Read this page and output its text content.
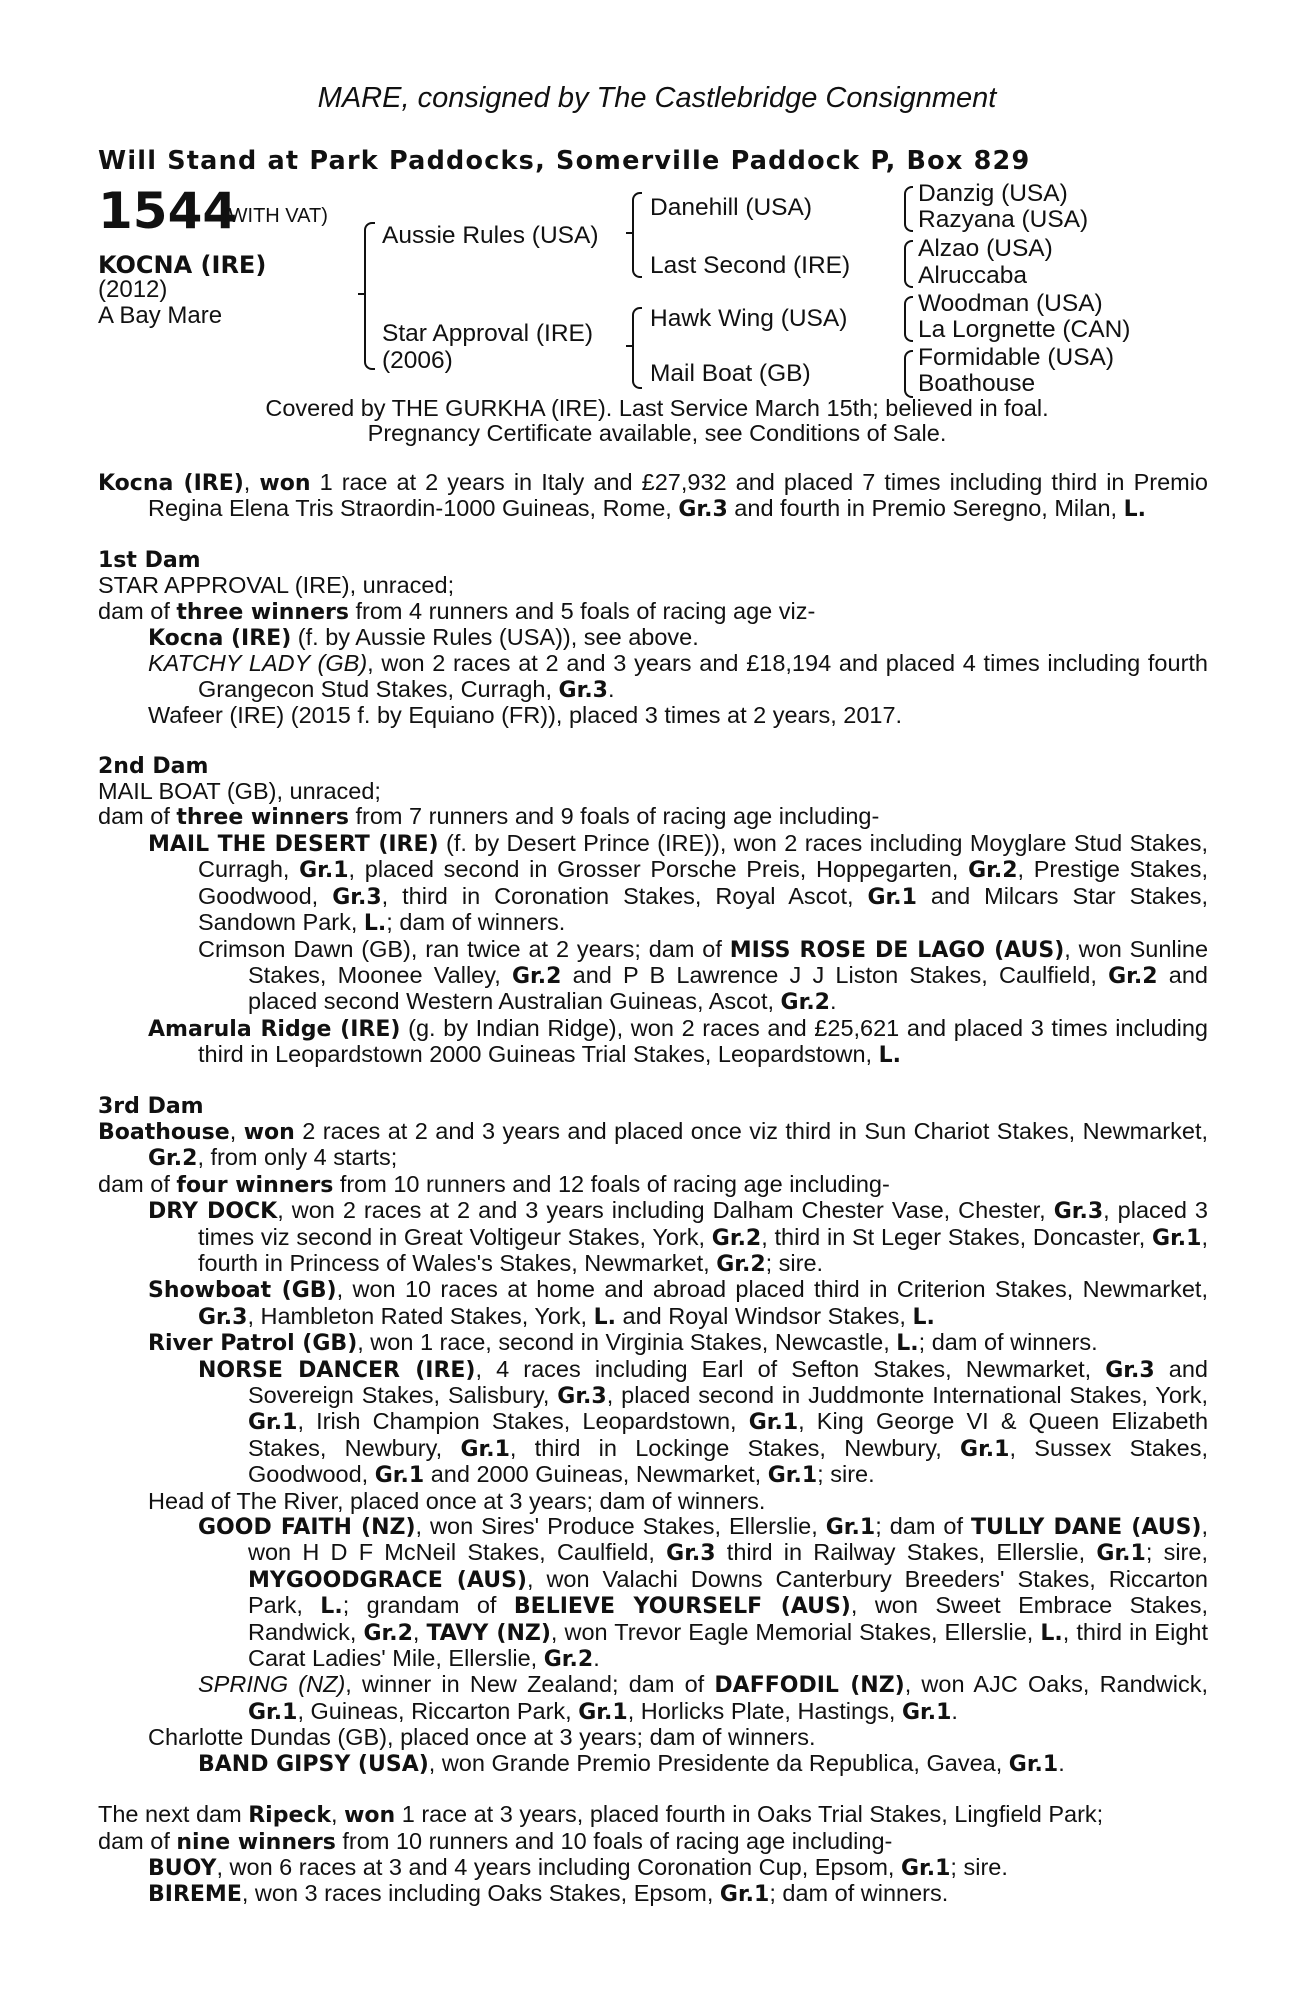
MARE, consigned by The Castlebridge Consignment
Will Stand at Park Paddocks, Somerville Paddock P, Box 829
1544
(WITH VAT)
KOCNA (IRE)
(2012)
A Bay Mare
Aussie Rules (USA)
Star Approval (IRE)
(2006)
Danehill (USA)
Last Second (IRE)
Hawk Wing (USA)
Mail Boat (GB)
Danzig (USA)
Razyana (USA)
Alzao (USA)
Alruccaba
Woodman (USA)
La Lorgnette (CAN)
Formidable (USA)
Boathouse
Covered by THE GURKHA (IRE). Last Service March 15th; believed in foal.
Pregnancy Certificate available, see Conditions of Sale.

Kocna (IRE), won 1 race at 2 years in Italy and £27,932 and placed 7 times including third in Premio Regina Elena Tris Straordin-1000 Guineas, Rome, Gr.3 and fourth in Premio Seregno, Milan, L.

1st Dam

STAR APPROVAL (IRE), unraced;

dam of three winners from 4 runners and 5 foals of racing age viz-

Kocna (IRE) (f. by Aussie Rules (USA)), see above.

KATCHY LADY (GB), won 2 races at 2 and 3 years and £18,194 and placed 4 times including fourth Grangecon Stud Stakes, Curragh, Gr.3.

Wafeer (IRE) (2015 f. by Equiano (FR)), placed 3 times at 2 years, 2017.

2nd Dam

MAIL BOAT (GB), unraced;

dam of three winners from 7 runners and 9 foals of racing age including-

MAIL THE DESERT (IRE) (f. by Desert Prince (IRE)), won 2 races including Moyglare Stud Stakes, Curragh, Gr.1, placed second in Grosser Porsche Preis, Hoppegarten, Gr.2, Prestige Stakes, Goodwood, Gr.3, third in Coronation Stakes, Royal Ascot, Gr.1 and Milcars Star Stakes, Sandown Park, L.; dam of winners.

Crimson Dawn (GB), ran twice at 2 years; dam of MISS ROSE DE LAGO (AUS), won Sunline Stakes, Moonee Valley, Gr.2 and P B Lawrence J J Liston Stakes, Caulfield, Gr.2 and placed second Western Australian Guineas, Ascot, Gr.2.

Amarula Ridge (IRE) (g. by Indian Ridge), won 2 races and £25,621 and placed 3 times including third in Leopardstown 2000 Guineas Trial Stakes, Leopardstown, L.

3rd Dam

Boathouse, won 2 races at 2 and 3 years and placed once viz third in Sun Chariot Stakes, Newmarket, Gr.2, from only 4 starts;

dam of four winners from 10 runners and 12 foals of racing age including-

DRY DOCK, won 2 races at 2 and 3 years including Dalham Chester Vase, Chester, Gr.3, placed 3 times viz second in Great Voltigeur Stakes, York, Gr.2, third in St Leger Stakes, Doncaster, Gr.1, fourth in Princess of Wales's Stakes, Newmarket, Gr.2; sire.

Showboat (GB), won 10 races at home and abroad placed third in Criterion Stakes, Newmarket, Gr.3, Hambleton Rated Stakes, York, L. and Royal Windsor Stakes, L.

River Patrol (GB), won 1 race, second in Virginia Stakes, Newcastle, L.; dam of winners.

NORSE DANCER (IRE), 4 races including Earl of Sefton Stakes, Newmarket, Gr.3 and Sovereign Stakes, Salisbury, Gr.3, placed second in Juddmonte International Stakes, York, Gr.1, Irish Champion Stakes, Leopardstown, Gr.1, King George VI & Queen Elizabeth Stakes, Newbury, Gr.1, third in Lockinge Stakes, Newbury, Gr.1, Sussex Stakes, Goodwood, Gr.1 and 2000 Guineas, Newmarket, Gr.1; sire.

Head of The River, placed once at 3 years; dam of winners.

GOOD FAITH (NZ), won Sires' Produce Stakes, Ellerslie, Gr.1; dam of TULLY DANE (AUS), won H D F McNeil Stakes, Caulfield, Gr.3 third in Railway Stakes, Ellerslie, Gr.1; sire, MYGOODGRACE (AUS), won Valachi Downs Canterbury Breeders' Stakes, Riccarton Park, L.; grandam of BELIEVE YOURSELF (AUS), won Sweet Embrace Stakes, Randwick, Gr.2, TAVY (NZ), won Trevor Eagle Memorial Stakes, Ellerslie, L., third in Eight Carat Ladies' Mile, Ellerslie, Gr.2.

SPRING (NZ), winner in New Zealand; dam of DAFFODIL (NZ), won AJC Oaks, Randwick, Gr.1, Guineas, Riccarton Park, Gr.1, Horlicks Plate, Hastings, Gr.1.

Charlotte Dundas (GB), placed once at 3 years; dam of winners.

BAND GIPSY (USA), won Grande Premio Presidente da Republica, Gavea, Gr.1.

The next dam Ripeck, won 1 race at 3 years, placed fourth in Oaks Trial Stakes, Lingfield Park;

dam of nine winners from 10 runners and 10 foals of racing age including-

BUOY, won 6 races at 3 and 4 years including Coronation Cup, Epsom, Gr.1; sire.

BIREME, won 3 races including Oaks Stakes, Epsom, Gr.1; dam of winners.
